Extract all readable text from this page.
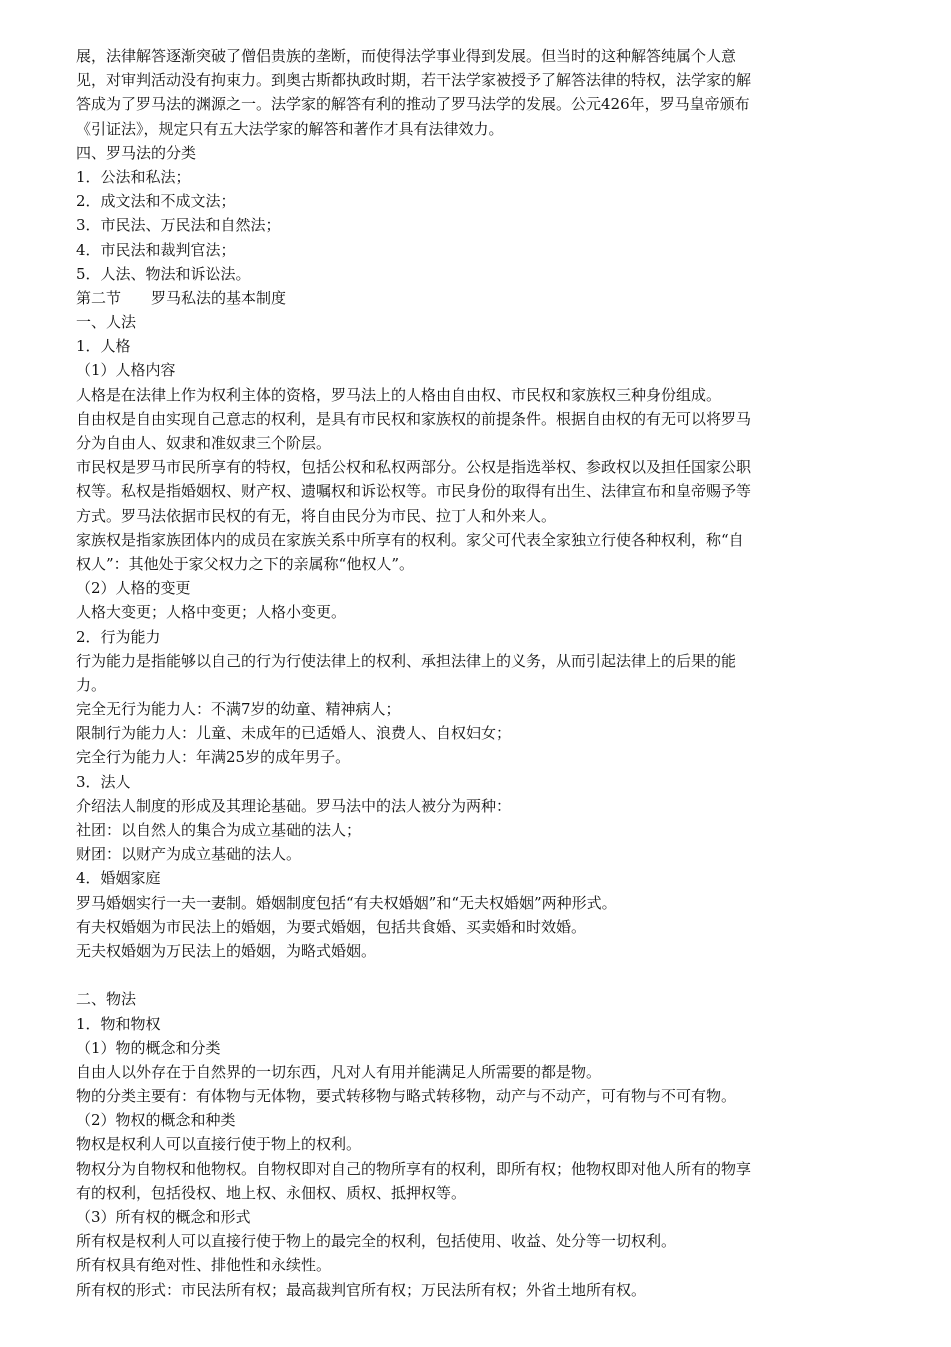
展，法律解答逐渐突破了僧侣贵族的垄断，而使得法学事业得到发展。但当时的这种解答纯属个人意
见，对审判活动没有拘束力。到奥古斯都执政时期，若干法学家被授予了解答法律的特权，法学家的解
答成为了罗马法的渊源之一。法学家的解答有利的推动了罗马法学的发展。公元426年，罗马皇帝颁布
《引证法》，规定只有五大法学家的解答和著作才具有法律效力。
四、罗马法的分类
1．公法和私法；
2．成文法和不成文法；
3．市民法、万民法和自然法；
4．市民法和裁判官法；
5．人法、物法和诉讼法。
第二节　　罗马私法的基本制度
一、人法
1．人格
（1）人格内容
人格是在法律上作为权利主体的资格，罗马法上的人格由自由权、市民权和家族权三种身份组成。
自由权是自由实现自己意志的权利，是具有市民权和家族权的前提条件。根据自由权的有无可以将罗马
分为自由人、奴隶和准奴隶三个阶层。
市民权是罗马市民所享有的特权，包括公权和私权两部分。公权是指选举权、参政权以及担任国家公职
权等。私权是指婚姻权、财产权、遗嘱权和诉讼权等。市民身份的取得有出生、法律宣布和皇帝赐予等
方式。罗马法依据市民权的有无，将自由民分为市民、拉丁人和外来人。
家族权是指家族团体内的成员在家族关系中所享有的权利。家父可代表全家独立行使各种权利，称“自
权人”：其他处于家父权力之下的亲属称“他权人”。
（2）人格的变更
人格大变更；人格中变更；人格小变更。
2．行为能力
行为能力是指能够以自己的行为行使法律上的权利、承担法律上的义务，从而引起法律上的后果的能
力。
完全无行为能力人：不满7岁的幼童、精神病人；
限制行为能力人：儿童、未成年的已适婚人、浪费人、自权妇女；
完全行为能力人：年满25岁的成年男子。
3．法人
介绍法人制度的形成及其理论基础。罗马法中的法人被分为两种：
社团：以自然人的集合为成立基础的法人；
财团：以财产为成立基础的法人。
4．婚姻家庭
罗马婚姻实行一夫一妻制。婚姻制度包括“有夫权婚姻”和“无夫权婚姻”两种形式。
有夫权婚姻为市民法上的婚姻，为要式婚姻，包括共食婚、买卖婚和时效婚。
无夫权婚姻为万民法上的婚姻，为略式婚姻。
二、物法
1．物和物权
（1）物的概念和分类
自由人以外存在于自然界的一切东西，凡对人有用并能满足人所需要的都是物。
物的分类主要有：有体物与无体物，要式转移物与略式转移物，动产与不动产，可有物与不可有物。
（2）物权的概念和种类
物权是权利人可以直接行使于物上的权利。
物权分为自物权和他物权。自物权即对自己的物所享有的权利，即所有权；他物权即对他人所有的物享
有的权利，包括役权、地上权、永佃权、质权、抵押权等。
（3）所有权的概念和形式
所有权是权利人可以直接行使于物上的最完全的权利，包括使用、收益、处分等一切权利。
所有权具有绝对性、排他性和永续性。
所有权的形式：市民法所有权；最高裁判官所有权；万民法所有权；外省土地所有权。
